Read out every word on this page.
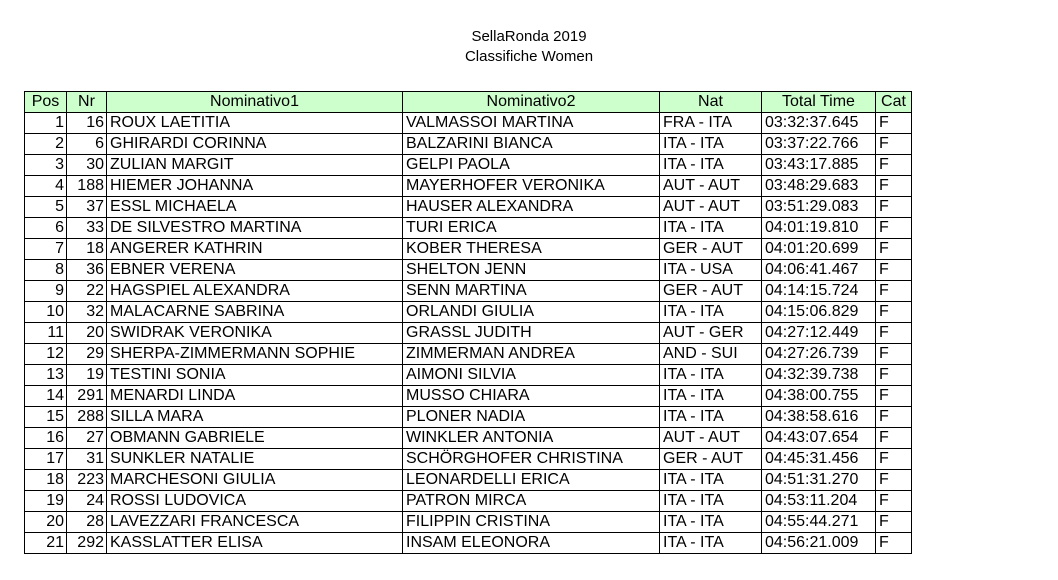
SellaRonda 2019
Classifiche Women
Pos	Nr	Nominativo1	Nominativo2	Nat	Total Time	Cat
1	16	ROUX LAETITIA	VALMASSOI MARTINA	FRA - ITA	03:32:37.645	F
2	6	GHIRARDI CORINNA	BALZARINI BIANCA	ITA - ITA	03:37:22.766	F
3	30	ZULIAN MARGIT	GELPI PAOLA	ITA - ITA	03:43:17.885	F
4	188	HIEMER JOHANNA	MAYERHOFER VERONIKA	AUT - AUT	03:48:29.683	F
5	37	ESSL MICHAELA	HAUSER ALEXANDRA	AUT - AUT	03:51:29.083	F
6	33	DE SILVESTRO MARTINA	TURI ERICA	ITA - ITA	04:01:19.810	F
7	18	ANGERER KATHRIN	KOBER THERESA	GER - AUT	04:01:20.699	F
8	36	EBNER VERENA	SHELTON JENN	ITA - USA	04:06:41.467	F
9	22	HAGSPIEL ALEXANDRA	SENN MARTINA	GER - AUT	04:14:15.724	F
10	32	MALACARNE SABRINA	ORLANDI GIULIA	ITA - ITA	04:15:06.829	F
11	20	SWIDRAK VERONIKA	GRASSL JUDITH	AUT - GER	04:27:12.449	F
12	29	SHERPA-ZIMMERMANN SOPHIE	ZIMMERMAN ANDREA	AND - SUI	04:27:26.739	F
13	19	TESTINI SONIA	AIMONI SILVIA	ITA - ITA	04:32:39.738	F
14	291	MENARDI LINDA	MUSSO CHIARA	ITA - ITA	04:38:00.755	F
15	288	SILLA MARA	PLONER NADIA	ITA - ITA	04:38:58.616	F
16	27	OBMANN GABRIELE	WINKLER ANTONIA	AUT - AUT	04:43:07.654	F
17	31	SUNKLER NATALIE	SCHÖRGHOFER CHRISTINA	GER - AUT	04:45:31.456	F
18	223	MARCHESONI GIULIA	LEONARDELLI ERICA	ITA - ITA	04:51:31.270	F
19	24	ROSSI LUDOVICA	PATRON MIRCA	ITA - ITA	04:53:11.204	F
20	28	LAVEZZARI FRANCESCA	FILIPPIN CRISTINA	ITA - ITA	04:55:44.271	F
21	292	KASSLATTER ELISA	INSAM ELEONORA	ITA - ITA	04:56:21.009	F
